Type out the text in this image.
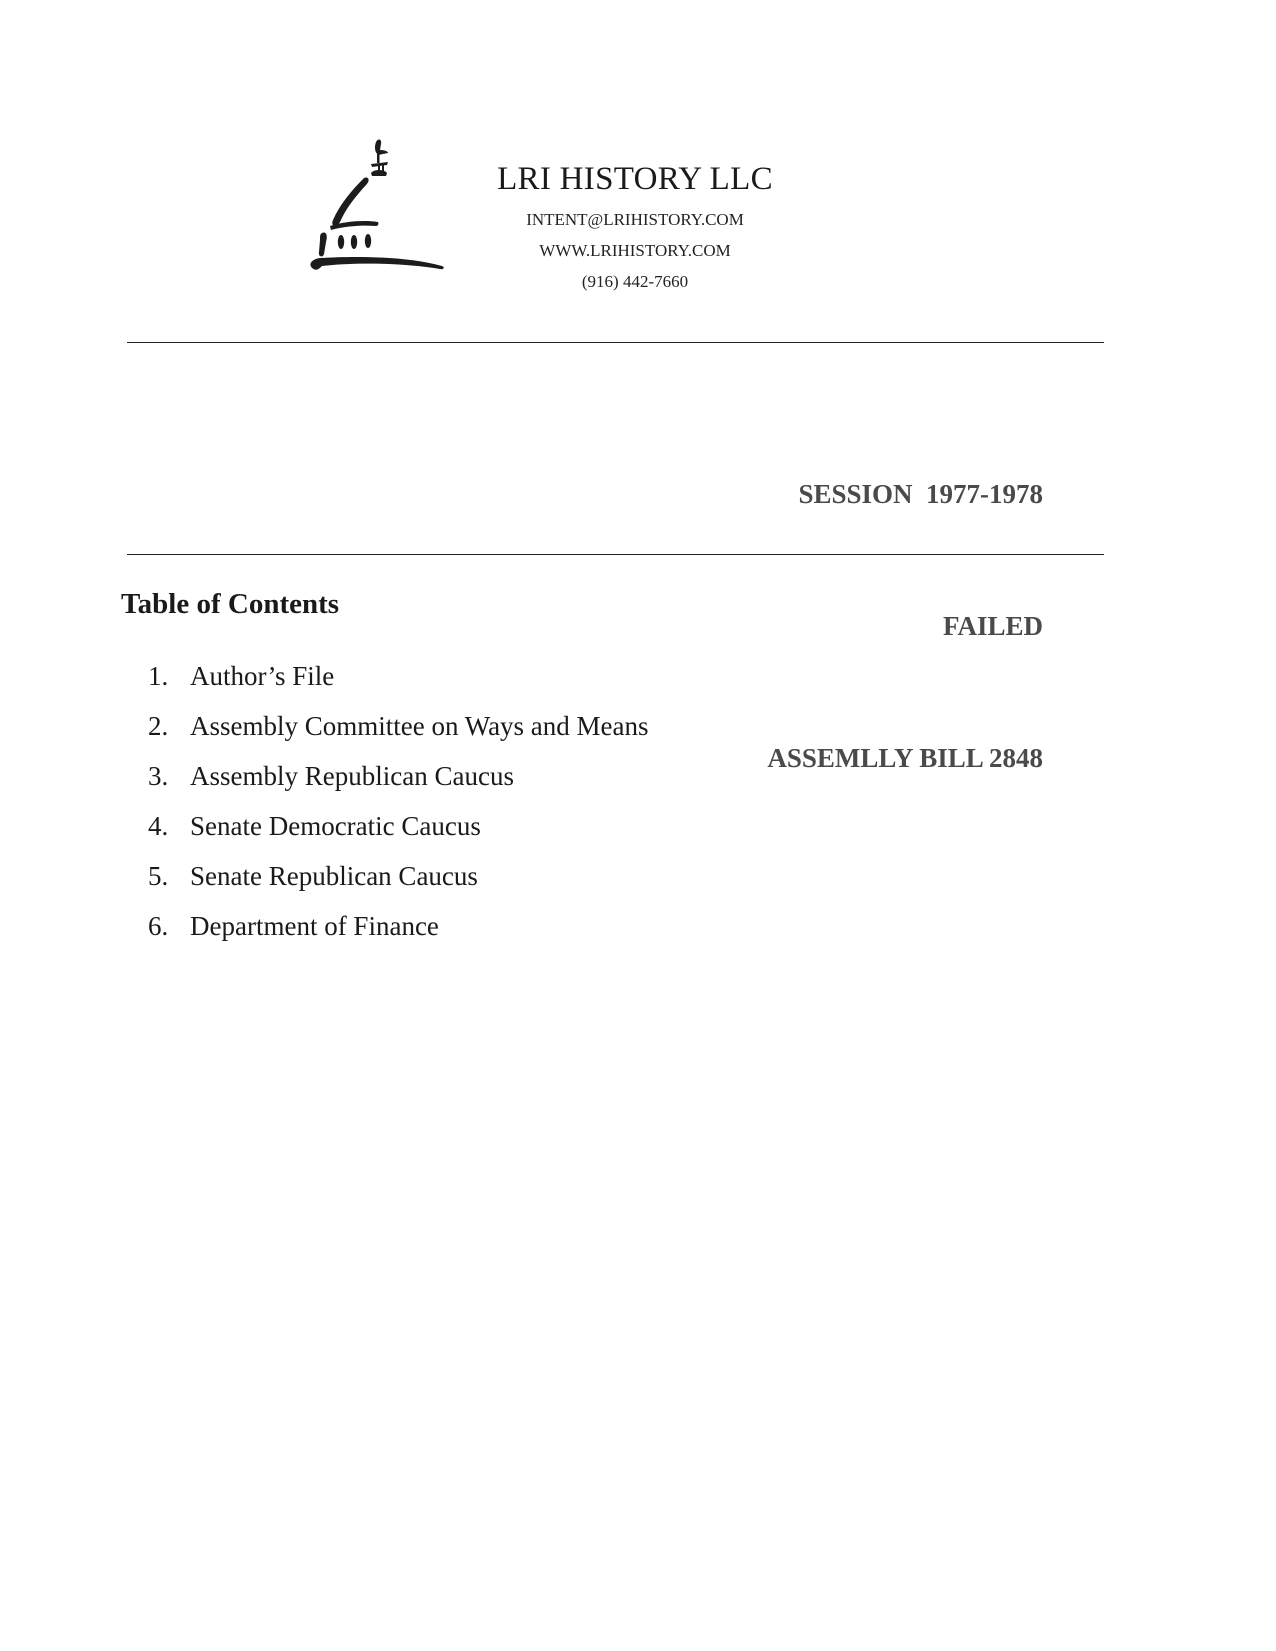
LRI HISTORY LLC
INTENT@LRIHISTORY.COM
WWW.LRIHISTORY.COM
(916) 442-7660

SESSION  1977-1978

FAILED

ASSEMLLY BILL 2848

Table of Contents
1. Author’s File
2. Assembly Committee on Ways and Means
3. Assembly Republican Caucus
4. Senate Democratic Caucus
5. Senate Republican Caucus
6. Department of Finance
